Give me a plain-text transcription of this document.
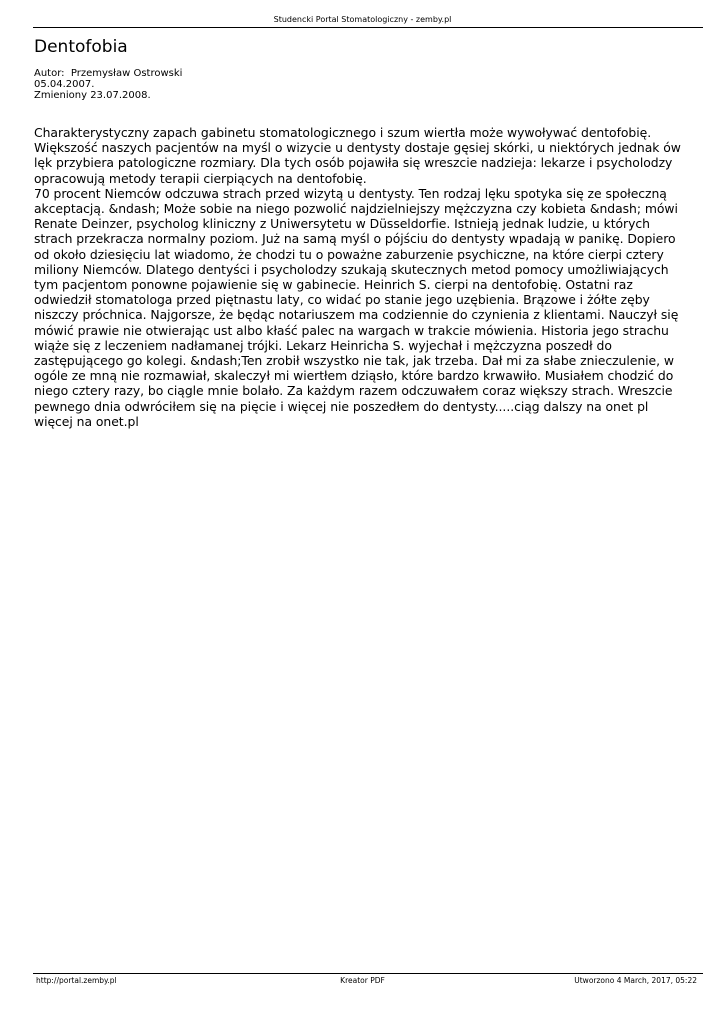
Studencki Portal Stomatologiczny - zemby.pl
Dentofobia
Autor:  Przemysław Ostrowski
05.04.2007.
Zmieniony 23.07.2008.

Charakterystyczny zapach gabinetu stomatologicznego i szum wiertła może wywoływać dentofobię. Większość naszych pacjentów na myśl o wizycie u dentysty dostaje gęsiej skórki, u niektórych jednak ów lęk przybiera patologiczne rozmiary. Dla tych osób pojawiła się wreszcie nadzieja: lekarze i psycholodzy opracowują metody terapii cierpiących na dentofobię.

70 procent Niemców odczuwa strach przed wizytą u dentysty. Ten rodzaj lęku spotyka się ze społeczną akceptacją. &ndash; Może sobie na niego pozwolić najdzielniejszy mężczyzna czy kobieta &ndash; mówi Renate Deinzer, psycholog kliniczny z Uniwersytetu w Düsseldorfie. Istnieją jednak ludzie, u których strach przekracza normalny poziom. Już na samą myśl o pójściu do dentysty wpadają w panikę. Dopiero od około dziesięciu lat wiadomo, że chodzi tu o poważne zaburzenie psychiczne, na które cierpi cztery miliony Niemców. Dlatego dentyści i psycholodzy szukają skutecznych metod pomocy umożliwiających tym pacjentom ponowne pojawienie się w gabinecie. Heinrich S. cierpi na dentofobię. Ostatni raz odwiedził stomatologa przed piętnastu laty, co widać po stanie jego uzębienia. Brązowe i żółte zęby niszczy próchnica. Najgorsze, że będąc notariuszem ma codziennie do czynienia z klientami. Nauczył się mówić prawie nie otwierając ust albo kłaść palec na wargach w trakcie mówienia. Historia jego strachu wiąże się z leczeniem nadłamanej trójki. Lekarz Heinricha S. wyjechał i mężczyzna poszedł do zastępującego go kolegi. &ndash;Ten zrobił wszystko nie tak, jak trzeba. Dał mi za słabe znieczulenie, w ogóle ze mną nie rozmawiał, skaleczył mi wiertłem dziąsło, które bardzo krwawiło. Musiałem chodzić do niego cztery razy, bo ciągle mnie bolało. Za każdym razem odczuwałem coraz większy strach. Wreszcie pewnego dnia odwróciłem się na pięcie i więcej nie poszedłem do dentysty.....ciąg dalszy na onet pl więcej na onet.pl

http://portal.zemby.pl	Kreator PDF	Utworzono 4 March, 2017, 05:22
